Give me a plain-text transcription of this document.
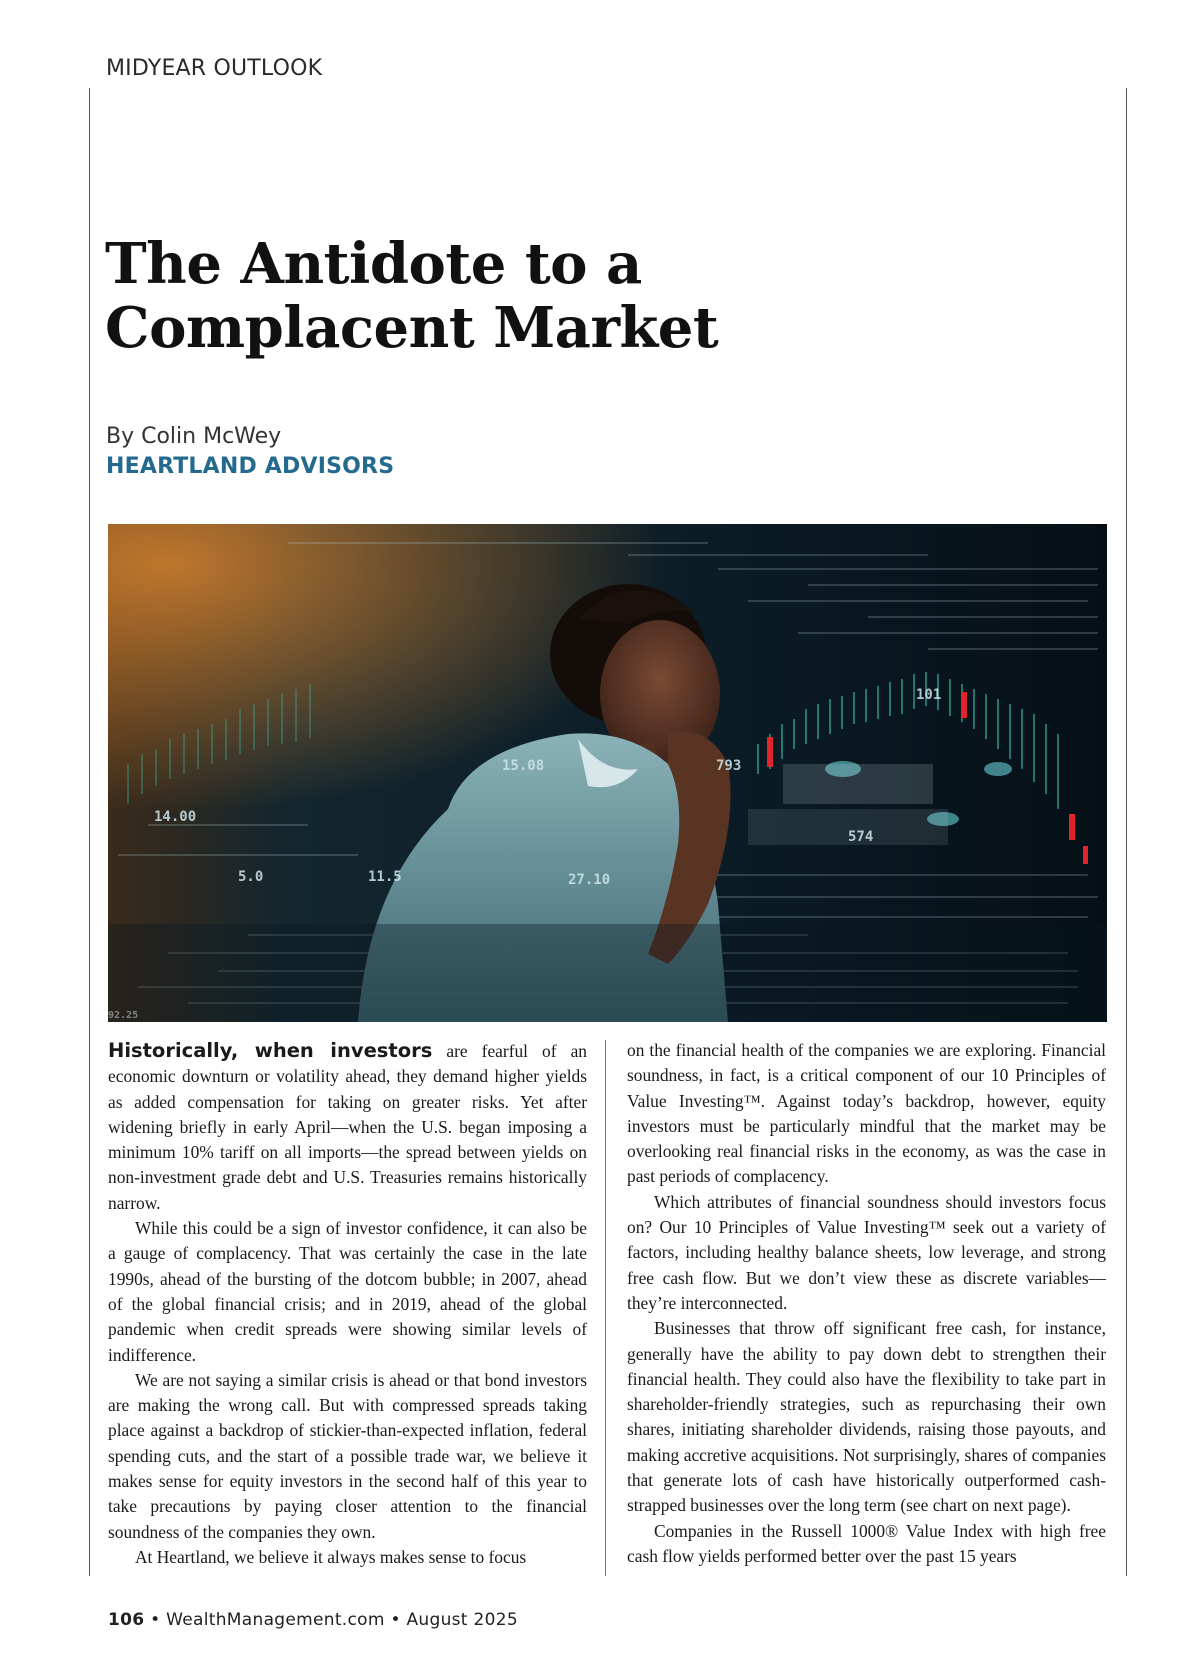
MIDYEAR OUTLOOK
The Antidote to a Complacent Market

By Colin McWey

HEARTLAND ADVISORS

14.00
5.0	11.5
15.08
27.10
793
101
574
92.25

Historically, when investors are fearful of an economic downturn or volatility ahead, they demand higher yields as added compensation for taking on greater risks. Yet after widening briefly in early April—when the U.S. began imposing a minimum 10% tariff on all imports—the spread between yields on non-investment grade debt and U.S. Treasuries remains historically narrow.

While this could be a sign of investor confidence, it can also be a gauge of complacency. That was certainly the case in the late 1990s, ahead of the bursting of the dotcom bubble; in 2007, ahead of the global financial crisis; and in 2019, ahead of the global pandemic when credit spreads were showing similar levels of indifference.

We are not saying a similar crisis is ahead or that bond investors are making the wrong call. But with compressed spreads taking place against a backdrop of stickier-than-expected inflation, federal spending cuts, and the start of a possible trade war, we believe it makes sense for equity investors in the second half of this year to take precautions by paying closer attention to the financial soundness of the companies they own.

At Heartland, we believe it always makes sense to focus

on the financial health of the companies we are exploring. Financial soundness, in fact, is a critical component of our 10 Principles of Value Investing™. Against today’s backdrop, however, equity investors must be particularly mindful that the market may be overlooking real financial risks in the economy, as was the case in past periods of complacency.

Which attributes of financial soundness should investors focus on? Our 10 Principles of Value Investing™ seek out a variety of factors, including healthy balance sheets, low leverage, and strong free cash flow. But we don’t view these as discrete variables—they’re interconnected.

Businesses that throw off significant free cash, for instance, generally have the ability to pay down debt to strengthen their financial health. They could also have the flexibility to take part in shareholder-friendly strategies, such as repurchasing their own shares, initiating shareholder dividends, raising those payouts, and making accretive acquisitions. Not surprisingly, shares of companies that generate lots of cash have historically outperformed cash-strapped businesses over the long term (see chart on next page).

Companies in the Russell 1000® Value Index with high free cash flow yields performed better over the past 15 years

106 • WealthManagement.com • August 2025
